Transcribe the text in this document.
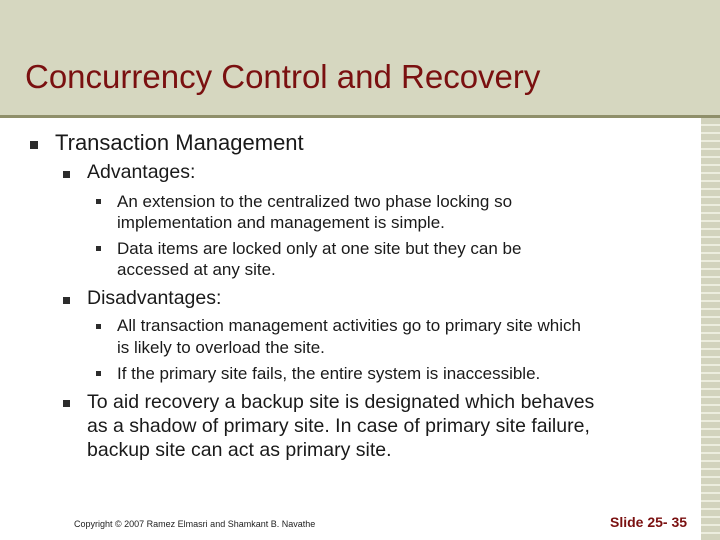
Concurrency Control and Recovery
Transaction Management
Advantages:
An extension to the centralized two phase locking so
implementation and management is simple.
Data items are locked only at one site but they can be
accessed at any site.
Disadvantages:
All transaction management activities go to primary site which
is likely to overload the site.
If the primary site fails, the entire system is inaccessible.
To aid recovery a backup site is designated which behaves
as a shadow of primary site. In case of primary site failure,
backup site can act as primary site.
Copyright © 2007 Ramez Elmasri and Shamkant B. Navathe	Slide 25- 35
